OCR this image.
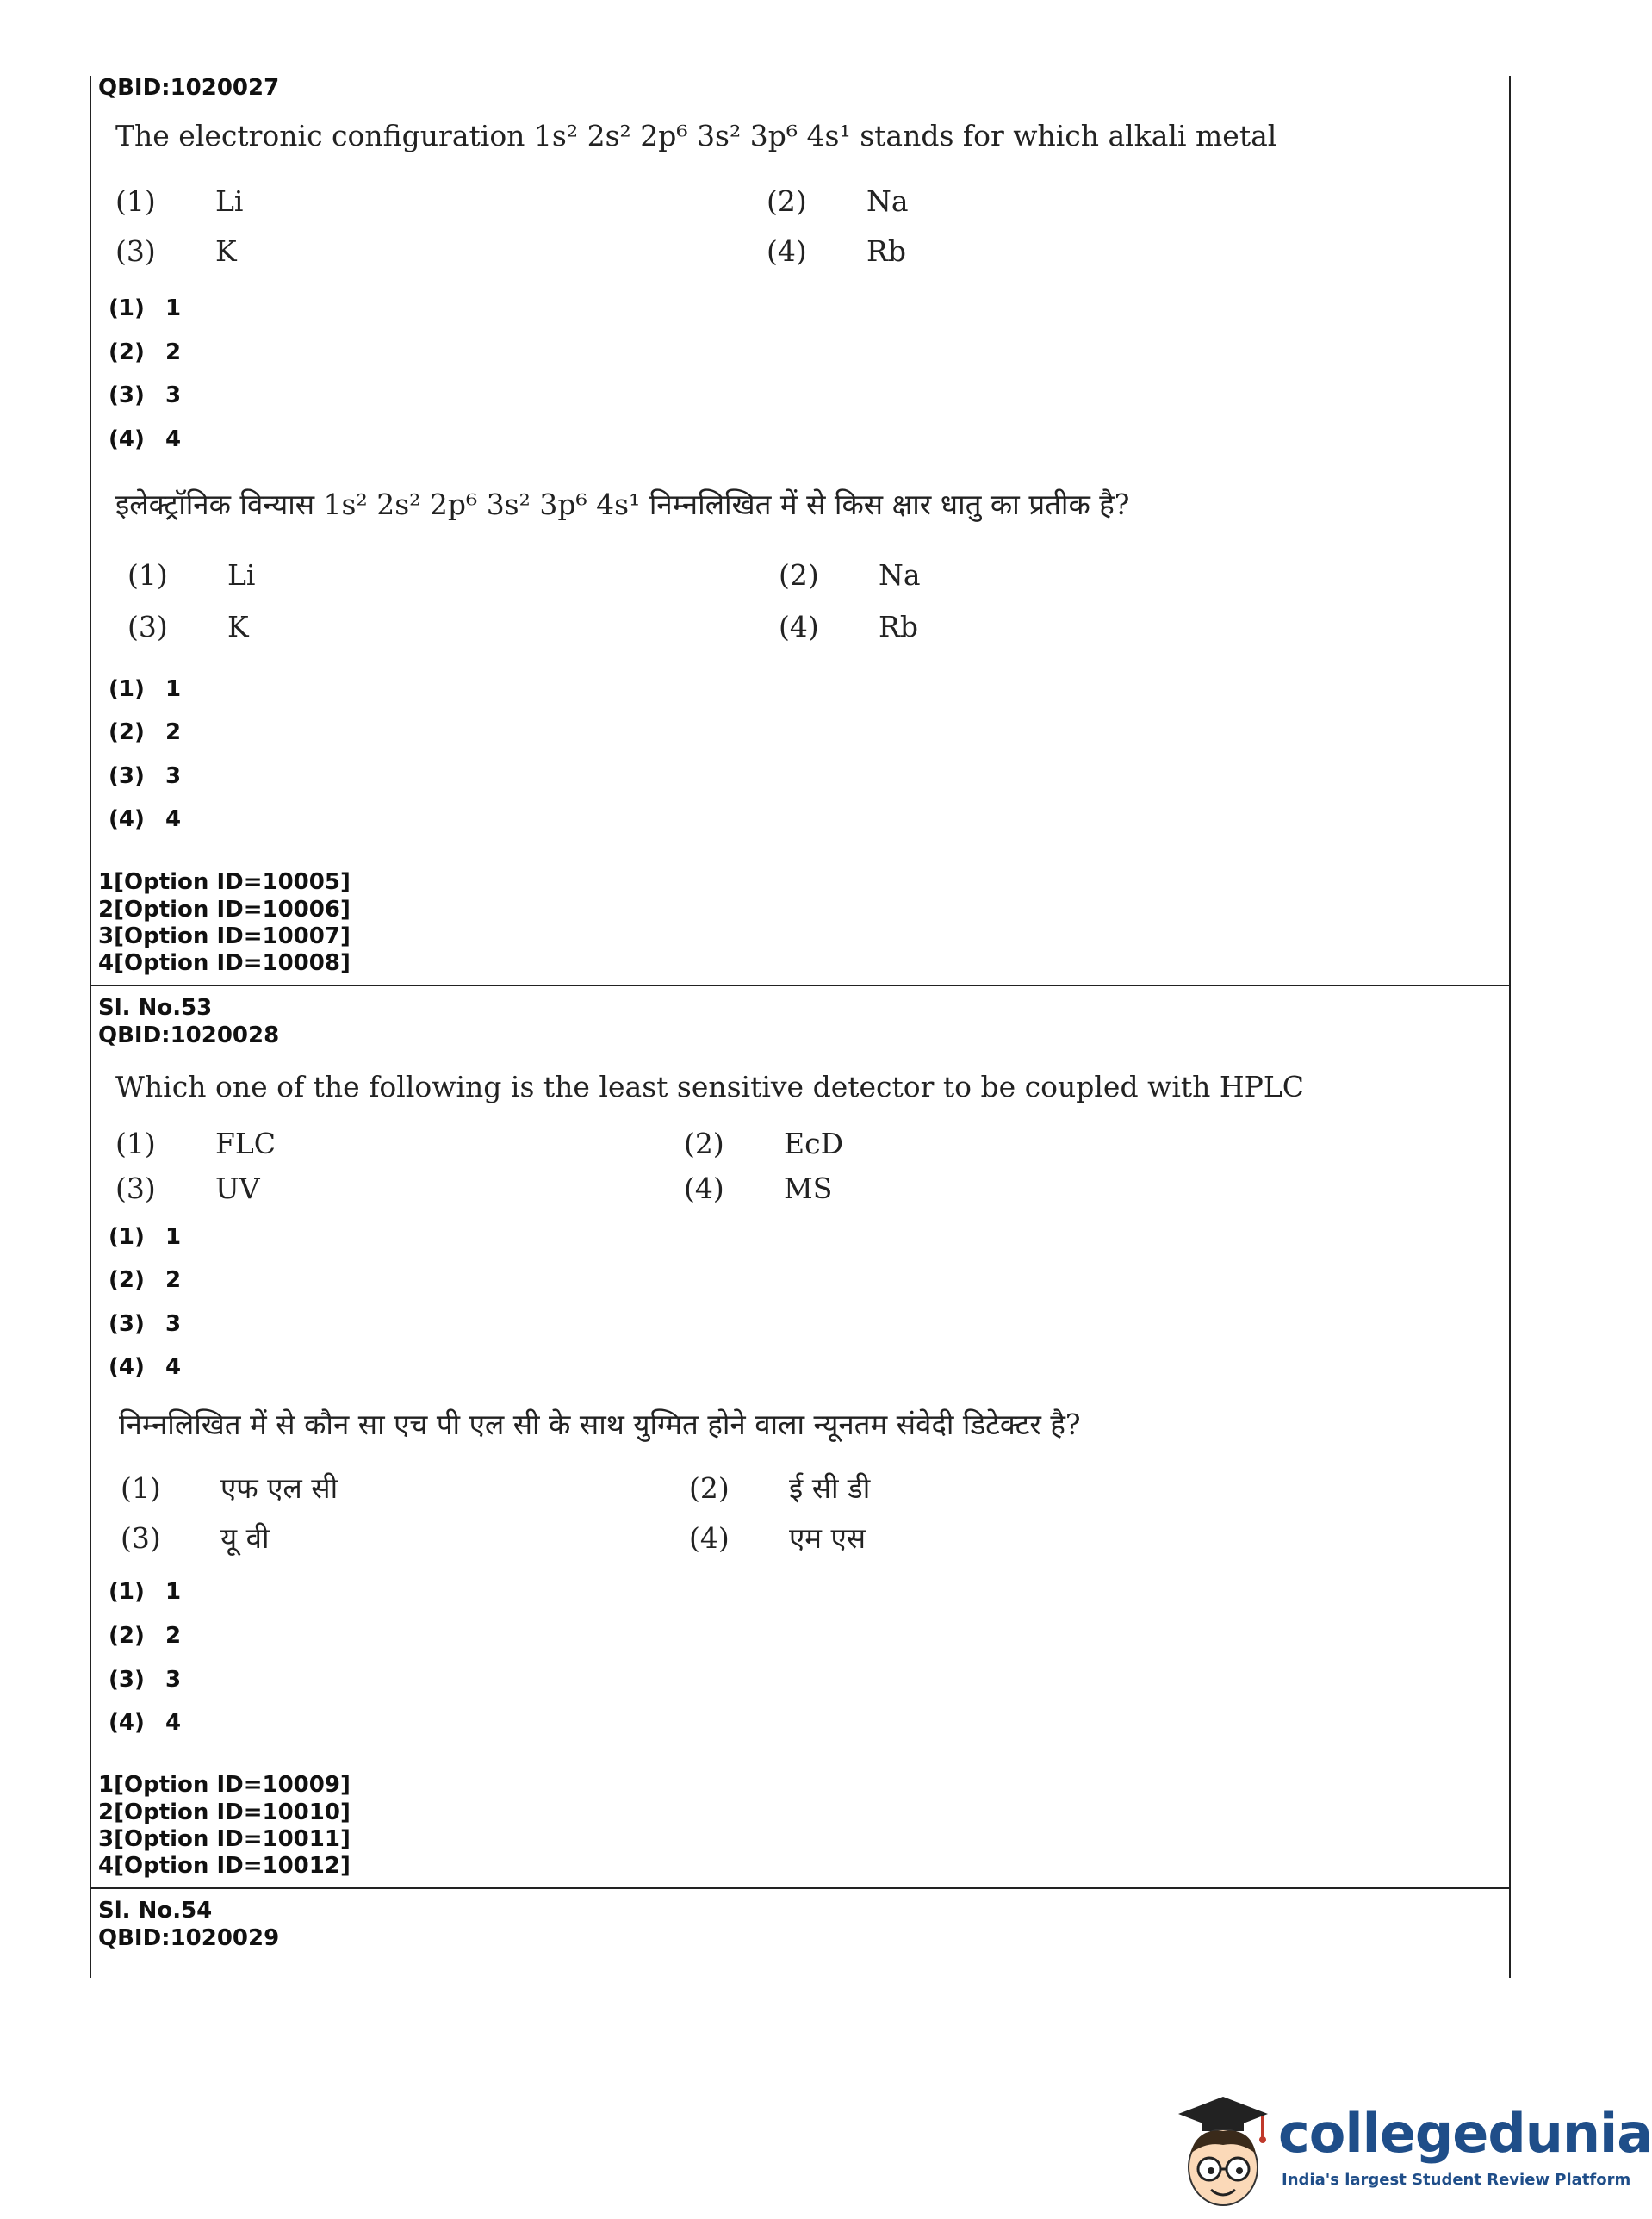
QBID:1020027
The electronic configuration 1s² 2s² 2p⁶ 3s² 3p⁶ 4s¹ stands for which alkali metal
(1) Li	(2) Na
(3) K	(4) Rb
(1) 1
(2) 2
(3) 3
(4) 4
इलेक्ट्रॉनिक विन्यास 1s² 2s² 2p⁶ 3s² 3p⁶ 4s¹ निम्नलिखित में से किस क्षार धातु का प्रतीक है?
(1) Li	(2) Na
(3) K	(4) Rb
(1) 1
(2) 2
(3) 3
(4) 4
1[Option ID=10005]
2[Option ID=10006]
3[Option ID=10007]
4[Option ID=10008]
Sl. No.53
QBID:1020028
Which one of the following is the least sensitive detector to be coupled with HPLC
(1) FLC	(2) EcD
(3) UV	(4) MS
(1) 1
(2) 2
(3) 3
(4) 4
निम्नलिखित में से कौन सा एच पी एल सी के साथ युग्मित होने वाला न्यूनतम संवेदी डिटेक्टर है?
(1) एफ एल सी	(2) ई सी डी
(3) यू वी	(4) एम एस
(1) 1
(2) 2
(3) 3
(4) 4
1[Option ID=10009]
2[Option ID=10010]
3[Option ID=10011]
4[Option ID=10012]
Sl. No.54
QBID:1020029
collegedunia
India's largest Student Review Platform
